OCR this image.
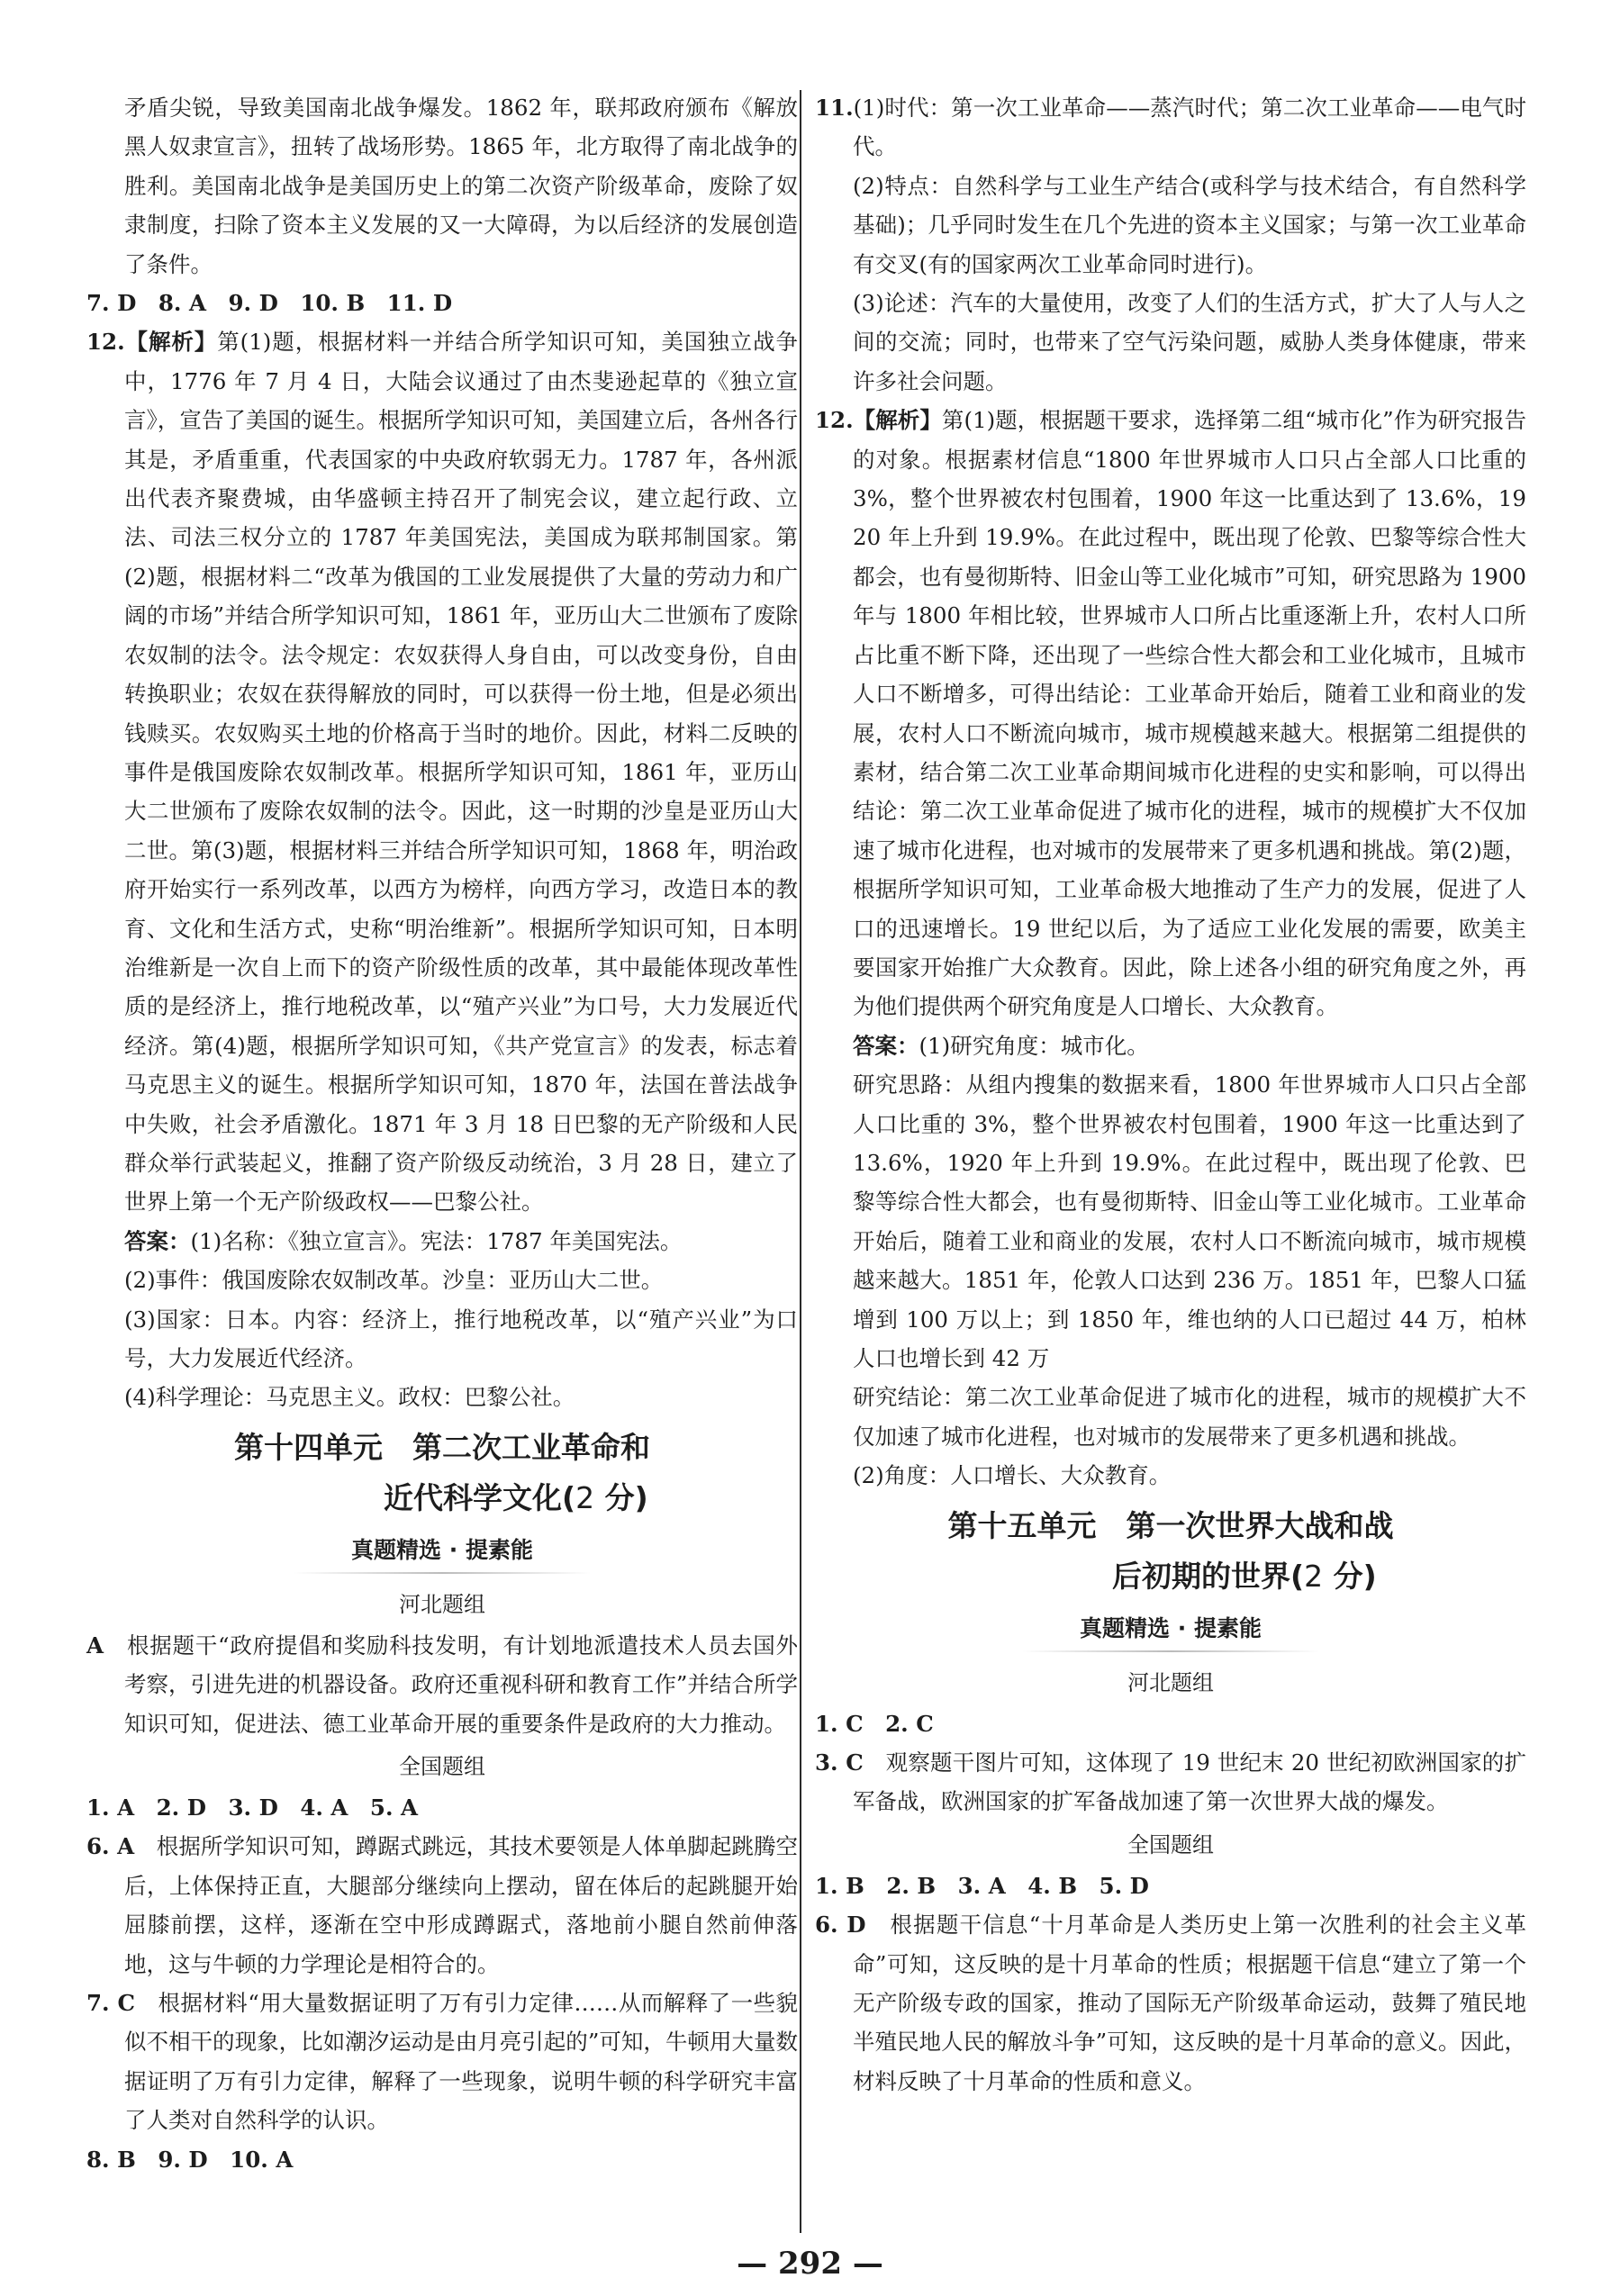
矛盾尖锐，导致美国南北战争爆发。1862 年，联邦政府颁布《解放黑人奴隶宣言》，扭转了战场形势。1865 年，北方取得了南北战争的胜利。美国南北战争是美国历史上的第二次资产阶级革命，废除了奴隶制度，扫除了资本主义发展的又一大障碍，为以后经济的发展创造了条件。

7. D　8. A　9. D　10. B　11. D

12.【解析】第(1)题，根据材料一并结合所学知识可知，美国独立战争中，1776 年 7 月 4 日，大陆会议通过了由杰斐逊起草的《独立宣言》，宣告了美国的诞生。根据所学知识可知，美国建立后，各州各行其是，矛盾重重，代表国家的中央政府软弱无力。1787 年，各州派出代表齐聚费城，由华盛顿主持召开了制宪会议，建立起行政、立法、司法三权分立的 1787 年美国宪法，美国成为联邦制国家。第(2)题，根据材料二“改革为俄国的工业发展提供了大量的劳动力和广阔的市场”并结合所学知识可知，1861 年，亚历山大二世颁布了废除农奴制的法令。法令规定：农奴获得人身自由，可以改变身份，自由转换职业；农奴在获得解放的同时，可以获得一份土地，但是必须出钱赎买。农奴购买土地的价格高于当时的地价。因此，材料二反映的事件是俄国废除农奴制改革。根据所学知识可知，1861 年，亚历山大二世颁布了废除农奴制的法令。因此，这一时期的沙皇是亚历山大二世。第(3)题，根据材料三并结合所学知识可知，1868 年，明治政府开始实行一系列改革，以西方为榜样，向西方学习，改造日本的教育、文化和生活方式，史称“明治维新”。根据所学知识可知，日本明治维新是一次自上而下的资产阶级性质的改革，其中最能体现改革性质的是经济上，推行地税改革，以“殖产兴业”为口号，大力发展近代经济。第(4)题，根据所学知识可知，《共产党宣言》的发表，标志着马克思主义的诞生。根据所学知识可知，1870 年，法国在普法战争中失败，社会矛盾激化。1871 年 3 月 18 日巴黎的无产阶级和人民群众举行武装起义，推翻了资产阶级反动统治，3 月 28 日，建立了世界上第一个无产阶级政权——巴黎公社。

答案：(1)名称：《独立宣言》。宪法：1787 年美国宪法。

(2)事件：俄国废除农奴制改革。沙皇：亚历山大二世。

(3)国家：日本。内容：经济上，推行地税改革，以“殖产兴业”为口号，大力发展近代经济。

(4)科学理论：马克思主义。政权：巴黎公社。

第十四单元　第二次工业革命和
近代科学文化(2 分)
真题精选 · 提素能
河北题组

A　根据题干“政府提倡和奖励科技发明，有计划地派遣技术人员去国外考察，引进先进的机器设备。政府还重视科研和教育工作”并结合所学知识可知，促进法、德工业革命开展的重要条件是政府的大力推动。

全国题组

1. A　2. D　3. D　4. A　5. A

6. A　根据所学知识可知，蹲踞式跳远，其技术要领是人体单脚起跳腾空后，上体保持正直，大腿部分继续向上摆动，留在体后的起跳腿开始屈膝前摆，这样，逐渐在空中形成蹲踞式，落地前小腿自然前伸落地，这与牛顿的力学理论是相符合的。

7. C　根据材料“用大量数据证明了万有引力定律……从而解释了一些貌似不相干的现象，比如潮汐运动是由月亮引起的”可知，牛顿用大量数据证明了万有引力定律，解释了一些现象，说明牛顿的科学研究丰富了人类对自然科学的认识。

8. B　9. D　10. A

11.(1)时代：第一次工业革命——蒸汽时代；第二次工业革命——电气时代。

(2)特点：自然科学与工业生产结合(或科学与技术结合，有自然科学基础)；几乎同时发生在几个先进的资本主义国家；与第一次工业革命有交叉(有的国家两次工业革命同时进行)。

(3)论述：汽车的大量使用，改变了人们的生活方式，扩大了人与人之间的交流；同时，也带来了空气污染问题，威胁人类身体健康，带来许多社会问题。

12.【解析】第(1)题，根据题干要求，选择第二组“城市化”作为研究报告的对象。根据素材信息“1800 年世界城市人口只占全部人口比重的 3%，整个世界被农村包围着，1900 年这一比重达到了 13.6%，1920 年上升到 19.9%。在此过程中，既出现了伦敦、巴黎等综合性大都会，也有曼彻斯特、旧金山等工业化城市”可知，研究思路为 1900 年与 1800 年相比较，世界城市人口所占比重逐渐上升，农村人口所占比重不断下降，还出现了一些综合性大都会和工业化城市，且城市人口不断增多，可得出结论：工业革命开始后，随着工业和商业的发展，农村人口不断流向城市，城市规模越来越大。根据第二组提供的素材，结合第二次工业革命期间城市化进程的史实和影响，可以得出结论：第二次工业革命促进了城市化的进程，城市的规模扩大不仅加速了城市化进程，也对城市的发展带来了更多机遇和挑战。第(2)题，根据所学知识可知，工业革命极大地推动了生产力的发展，促进了人口的迅速增长。19 世纪以后，为了适应工业化发展的需要，欧美主要国家开始推广大众教育。因此，除上述各小组的研究角度之外，再为他们提供两个研究角度是人口增长、大众教育。

答案：(1)研究角度：城市化。

研究思路：从组内搜集的数据来看，1800 年世界城市人口只占全部人口比重的 3%，整个世界被农村包围着，1900 年这一比重达到了 13.6%，1920 年上升到 19.9%。在此过程中，既出现了伦敦、巴黎等综合性大都会，也有曼彻斯特、旧金山等工业化城市。工业革命开始后，随着工业和商业的发展，农村人口不断流向城市，城市规模越来越大。1851 年，伦敦人口达到 236 万。1851 年，巴黎人口猛增到 100 万以上；到 1850 年，维也纳的人口已超过 44 万，柏林人口也增长到 42 万

研究结论：第二次工业革命促进了城市化的进程，城市的规模扩大不仅加速了城市化进程，也对城市的发展带来了更多机遇和挑战。

(2)角度：人口增长、大众教育。

第十五单元　第一次世界大战和战
后初期的世界(2 分)
真题精选 · 提素能
河北题组

1. C　2. C

3. C　观察题干图片可知，这体现了 19 世纪末 20 世纪初欧洲国家的扩军备战，欧洲国家的扩军备战加速了第一次世界大战的爆发。

全国题组

1. B　2. B　3. A　4. B　5. D

6. D　根据题干信息“十月革命是人类历史上第一次胜利的社会主义革命”可知，这反映的是十月革命的性质；根据题干信息“建立了第一个无产阶级专政的国家，推动了国际无产阶级革命运动，鼓舞了殖民地半殖民地人民的解放斗争”可知，这反映的是十月革命的意义。因此，材料反映了十月革命的性质和意义。

— 292 —
